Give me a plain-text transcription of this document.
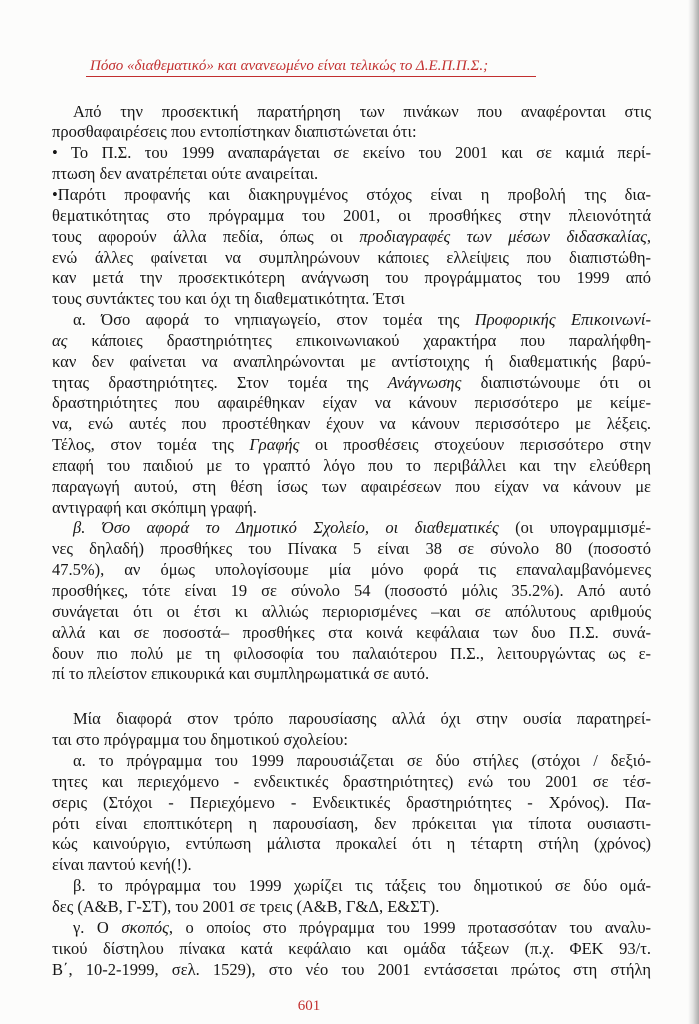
Πόσο «διαθεματικό» και ανανεωμένο είναι τελικώς το Δ.Ε.Π.Π.Σ.;
Από την προσεκτική παρατήρηση των πινάκων που αναφέρονται στις
προσθαφαιρέσεις που εντοπίστηκαν διαπιστώνεται ότι:
• Το Π.Σ. του 1999 αναπαράγεται σε εκείνο του 2001 και σε καμιά περί-
πτωση δεν ανατρέπεται ούτε αναιρείται.
•Παρότι προφανής και διακηρυγμένος στόχος είναι η προβολή της δια-
θεματικότητας στο πρόγραμμα του 2001, οι προσθήκες στην πλειονότητά
τους αφορούν άλλα πεδία, όπως οι προδιαγραφές των μέσων διδασκαλίας,
ενώ άλλες φαίνεται να συμπληρώνουν κάποιες ελλείψεις που διαπιστώθη-
καν μετά την προσεκτικότερη ανάγνωση του προγράμματος του 1999 από
τους συντάκτες του και όχι τη διαθεματικότητα. Έτσι
α. Όσο αφορά το νηπιαγωγείο, στον τομέα της Προφορικής Επικοινωνί-
ας κάποιες δραστηριότητες επικοινωνιακού χαρακτήρα που παραλήφθη-
καν δεν φαίνεται να αναπληρώνονται με αντίστοιχης ή διαθεματικής βαρύ-
τητας δραστηριότητες. Στον τομέα της Ανάγνωσης διαπιστώνουμε ότι οι
δραστηριότητες που αφαιρέθηκαν είχαν να κάνουν περισσότερο με κείμε-
να, ενώ αυτές που προστέθηκαν έχουν να κάνουν περισσότερο με λέξεις.
Τέλος, στον τομέα της Γραφής οι προσθέσεις στοχεύουν περισσότερο στην
επαφή του παιδιού με το γραπτό λόγο που το περιβάλλει και την ελεύθερη
παραγωγή αυτού, στη θέση ίσως των αφαιρέσεων που είχαν να κάνουν με
αντιγραφή και σκόπιμη γραφή.
β. Όσο αφορά το Δημοτικό Σχολείο, οι διαθεματικές (οι υπογραμμισμέ-
νες δηλαδή) προσθήκες του Πίνακα 5 είναι 38 σε σύνολο 80 (ποσοστό
47.5%), αν όμως υπολογίσουμε μία μόνο φορά τις επαναλαμβανόμενες
προσθήκες, τότε είναι 19 σε σύνολο 54 (ποσοστό μόλις 35.2%). Από αυτό
συνάγεται ότι οι έτσι κι αλλιώς περιορισμένες –και σε απόλυτους αριθμούς
αλλά και σε ποσοστά– προσθήκες στα κοινά κεφάλαια των δυο Π.Σ. συνά-
δουν πιο πολύ με τη φιλοσοφία του παλαιότερου Π.Σ., λειτουργώντας ως ε-
πί το πλείστον επικουρικά και συμπληρωματικά σε αυτό.
Μία διαφορά στον τρόπο παρουσίασης αλλά όχι στην ουσία παρατηρεί-
ται στο πρόγραμμα του δημοτικού σχολείου:
α. το πρόγραμμα του 1999 παρουσιάζεται σε δύο στήλες (στόχοι / δεξιό-
τητες και περιεχόμενο - ενδεικτικές δραστηριότητες) ενώ του 2001 σε τέσ-
σερις (Στόχοι - Περιεχόμενο - Ενδεικτικές δραστηριότητες - Χρόνος). Πα-
ρότι είναι εποπτικότερη η παρουσίαση, δεν πρόκειται για τίποτα ουσιαστι-
κώς καινούργιο, εντύπωση μάλιστα προκαλεί ότι η τέταρτη στήλη (χρόνος)
είναι παντού κενή(!).
β. το πρόγραμμα του 1999 χωρίζει τις τάξεις του δημοτικού σε δύο ομά-
δες (Α&Β, Γ-ΣΤ), του 2001 σε τρεις (Α&Β, Γ&Δ, Ε&ΣΤ).
γ. Ο σκοπός, ο οποίος στο πρόγραμμα του 1999 προτασσόταν του αναλυ-
τικού δίστηλου πίνακα κατά κεφάλαιο και ομάδα τάξεων (π.χ. ΦΕΚ 93/τ.
Β΄, 10-2-1999, σελ. 1529), στο νέο του 2001 εντάσσεται πρώτος στη στήλη
601
